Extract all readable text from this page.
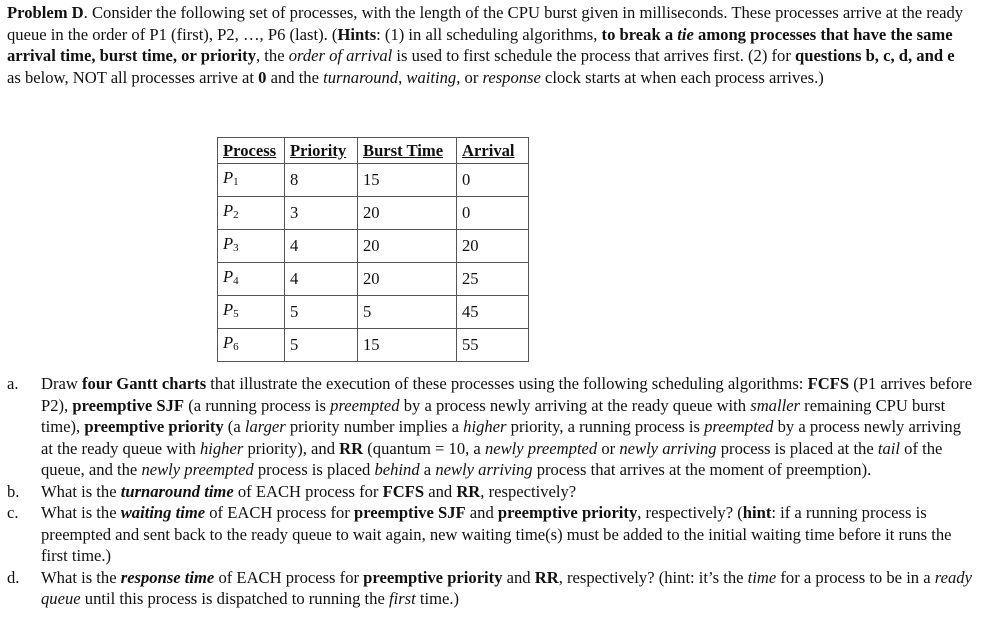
Problem D. Consider the following set of processes, with the length of the CPU burst given in milliseconds. These processes arrive at the ready queue in the order of P1 (first), P2, …, P6 (last). (Hints: (1) in all scheduling algorithms, to break a tie among processes that have the same arrival time, burst time, or priority, the order of arrival is used to first schedule the process that arrives first. (2) for questions b, c, d, and e as below, NOT all processes arrive at 0 and the turnaround, waiting, or response clock starts at when each process arrives.)

Process	Priority	Burst Time	Arrival
$P_1$	8	15	0
$P_2$	3	20	0
$P_3$	4	20	20
$P_4$	4	20	25
$P_5$	5	5	45
$P_6$	5	15	55
a. Draw four Gantt charts that illustrate the execution of these processes using the following scheduling algorithms: FCFS (P1 arrives before P2), preemptive SJF (a running process is preempted by a process newly arriving at the ready queue with smaller remaining CPU burst time), preemptive priority (a larger priority number implies a higher priority, a running process is preempted by a process newly arriving at the ready queue with higher priority), and RR (quantum = 10, a newly preempted or newly arriving process is placed at the tail of the queue, and the newly preempted process is placed behind a newly arriving process that arrives at the moment of preemption).
b. What is the turnaround time of EACH process for FCFS and RR, respectively?
c. What is the waiting time of EACH process for preemptive SJF and preemptive priority, respectively? (hint: if a running process is preempted and sent back to the ready queue to wait again, new waiting time(s) must be added to the initial waiting time before it runs the first time.)
d. What is the response time of EACH process for preemptive priority and RR, respectively? (hint: it’s the time for a process to be in a ready queue until this process is dispatched to running the first time.)
